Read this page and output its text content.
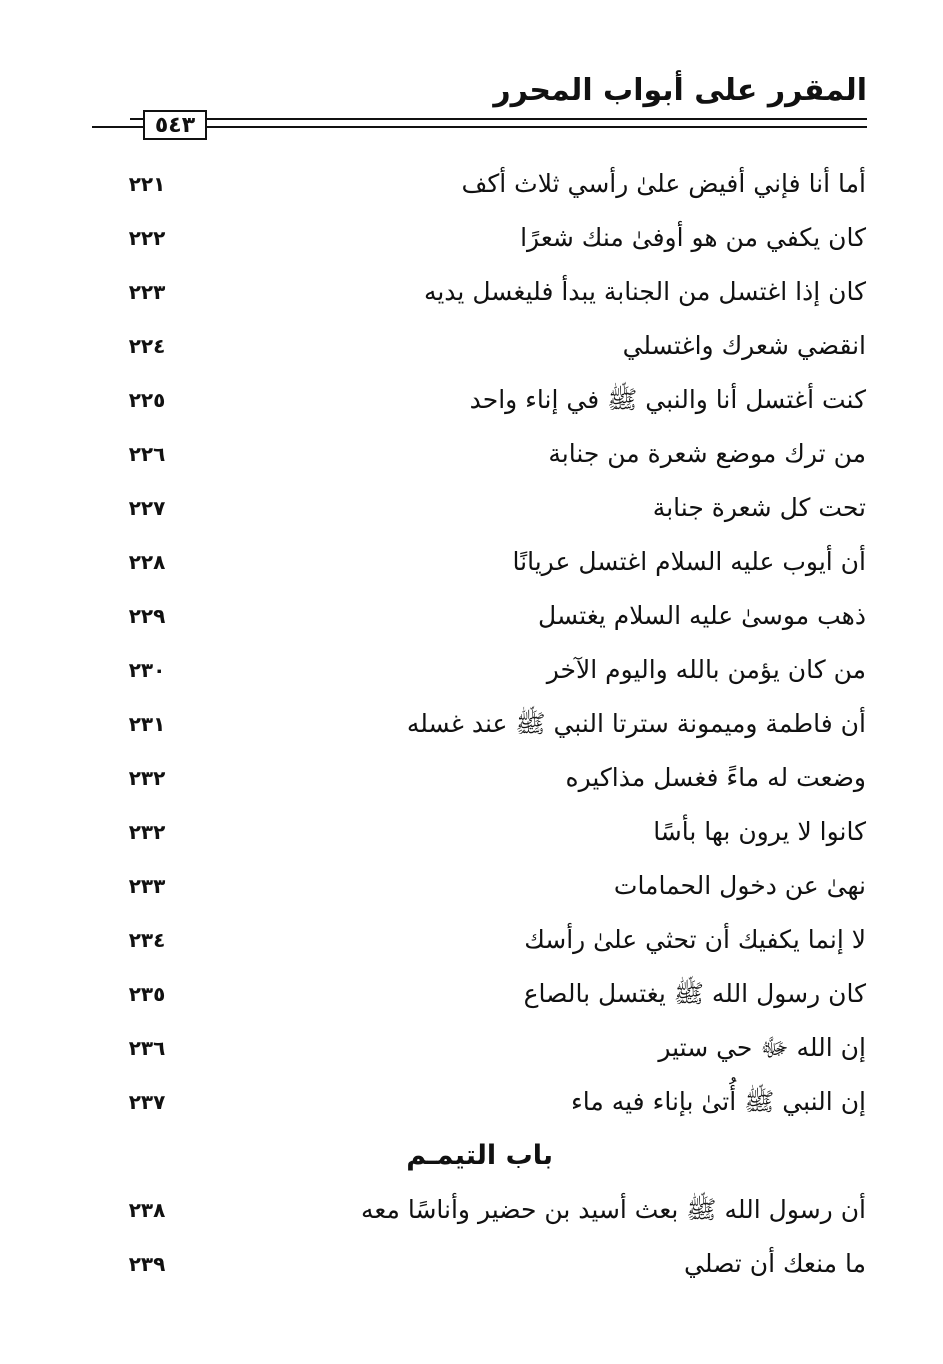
المقرر على أبواب المحرر
٥٤٣
أما أنا فإني أفيض علىٰ رأسي ثلاث أكف
٢٢١
كان يكفي من هو أوفىٰ منك شعرًا
٢٢٢
كان إذا اغتسل من الجنابة يبدأ فليغسل يديه
٢٢٣
انقضي شعرك واغتسلي
٢٢٤
كنت أغتسل أنا والنبي ﷺ في إناء واحد
٢٢٥
من ترك موضع شعرة من جنابة
٢٢٦
تحت كل شعرة جنابة
٢٢٧
أن أيوب عليه السلام اغتسل عريانًا
٢٢٨
ذهب موسىٰ عليه السلام يغتسل
٢٢٩
من كان يؤمن بالله واليوم الآخر
٢٣٠
أن فاطمة وميمونة سترتا النبي ﷺ عند غسله
٢٣١
وضعت له ماءً فغسل مذاكيره
٢٣٢
كانوا لا يرون بها بأسًا
٢٣٢
نهىٰ عن دخول الحمامات
٢٣٣
لا إنما يكفيك أن تحثي علىٰ رأسك
٢٣٤
كان رسول الله ﷺ يغتسل بالصاع
٢٣٥
إن الله ﷻ حي ستير
٢٣٦
إن النبي ﷺ أُتىٰ بإناء فيه ماء
٢٣٧
باب التيمـم
أن رسول الله ﷺ بعث أسيد بن حضير وأناسًا معه
٢٣٨
ما منعك أن تصلي
٢٣٩
